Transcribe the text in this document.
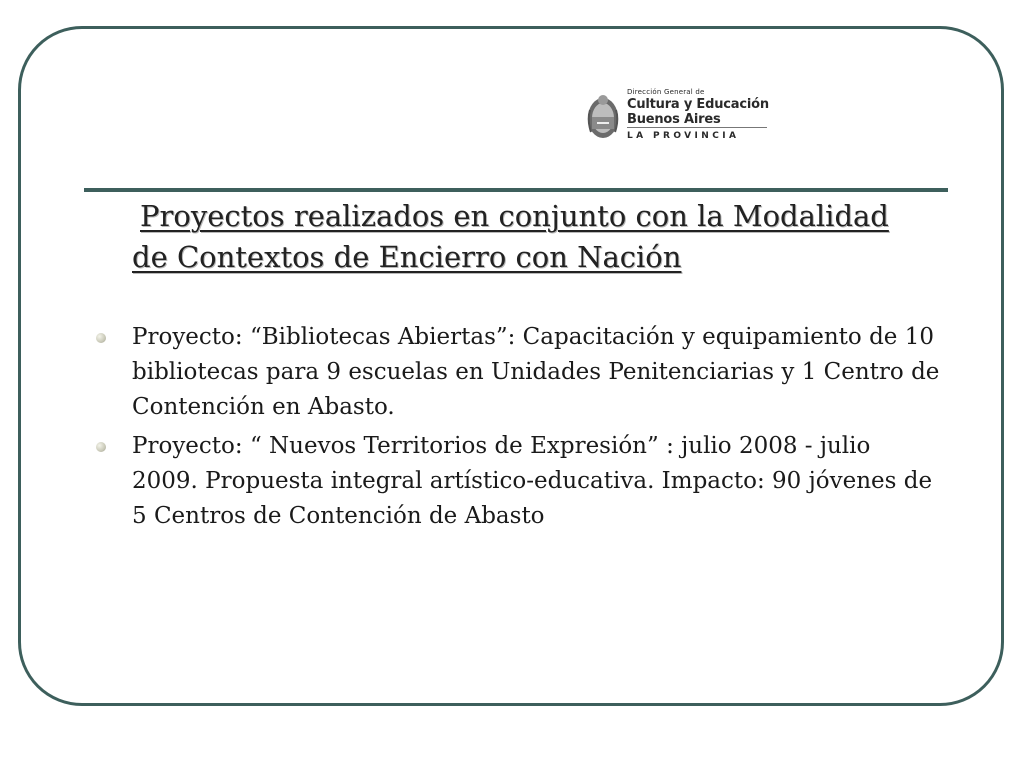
Dirección General de
Cultura y Educación
Buenos Aires
LA PROVINCIA
Proyectos realizados en conjunto con la Modalidad
de Contextos de Encierro con Nación
Proyecto: “Bibliotecas Abiertas”: Capacitación y equipamiento de 10 bibliotecas para 9 escuelas en Unidades Penitenciarias y 1 Centro de Contención en Abasto.
Proyecto: “ Nuevos Territorios de Expresión” : julio 2008 - julio 2009. Propuesta integral artístico-educativa. Impacto: 90 jóvenes de 5 Centros de Contención de Abasto
